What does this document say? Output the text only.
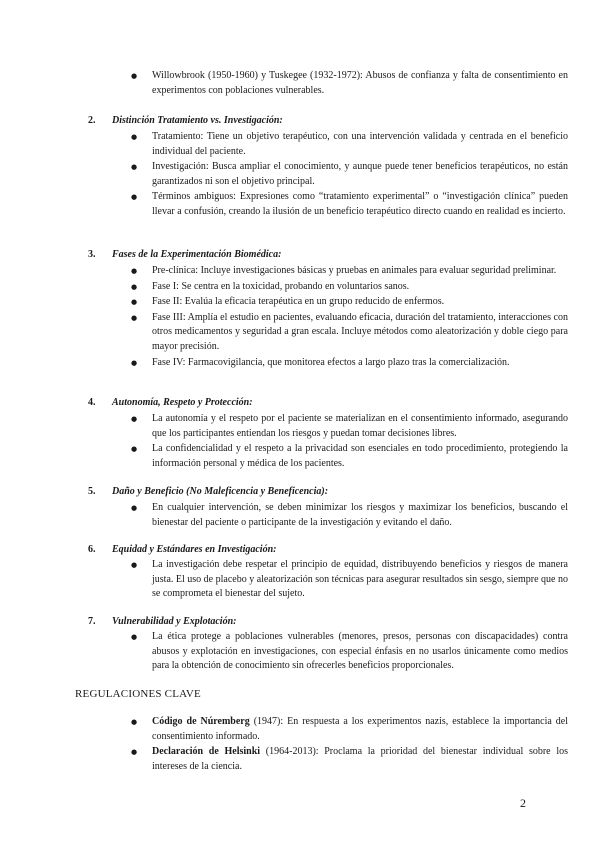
● Willowbrook (1950-1960) y Tuskegee (1932-1972): Abusos de confianza y falta de consentimiento en experimentos con poblaciones vulnerables.
2. Distinción Tratamiento vs. Investigación:
● Tratamiento: Tiene un objetivo terapéutico, con una intervención validada y centrada en el beneficio individual del paciente.
● Investigación: Busca ampliar el conocimiento, y aunque puede tener beneficios terapéuticos, no están garantizados ni son el objetivo principal.
● Términos ambiguos: Expresiones como “tratamiento experimental” o “investigación clínica” pueden llevar a confusión, creando la ilusión de un beneficio terapéutico directo cuando en realidad es incierto.
3. Fases de la Experimentación Biomédica:
● Pre-clínica: Incluye investigaciones básicas y pruebas en animales para evaluar seguridad preliminar.
● Fase I: Se centra en la toxicidad, probando en voluntarios sanos.
● Fase II: Evalúa la eficacia terapéutica en un grupo reducido de enfermos.
● Fase III: Amplía el estudio en pacientes, evaluando eficacia, duración del tratamiento, interacciones con otros medicamentos y seguridad a gran escala. Incluye métodos como aleatorización y doble ciego para mayor precisión.
● Fase IV: Farmacovigilancia, que monitorea efectos a largo plazo tras la comercialización.
4. Autonomía, Respeto y Protección:
● La autonomía y el respeto por el paciente se materializan en el consentimiento informado, asegurando que los participantes entiendan los riesgos y puedan tomar decisiones libres.
● La confidencialidad y el respeto a la privacidad son esenciales en todo procedimiento, protegiendo la información personal y médica de los pacientes.
5. Daño y Beneficio (No Maleficencia y Beneficencia):
● En cualquier intervención, se deben minimizar los riesgos y maximizar los beneficios, buscando el bienestar del paciente o participante de la investigación y evitando el daño.
6. Equidad y Estándares en Investigación:
● La investigación debe respetar el principio de equidad, distribuyendo beneficios y riesgos de manera justa. El uso de placebo y aleatorización son técnicas para asegurar resultados sin sesgo, siempre que no se comprometa el bienestar del sujeto.
7. Vulnerabilidad y Explotación:
● La ética protege a poblaciones vulnerables (menores, presos, personas con discapacidades) contra abusos y explotación en investigaciones, con especial énfasis en no usarlos únicamente como medios para la obtención de conocimiento sin ofrecerles beneficios proporcionales.
REGULACIONES CLAVE
● Código de Núremberg (1947): En respuesta a los experimentos nazis, establece la importancia del consentimiento informado.
● Declaración de Helsinki (1964-2013): Proclama la prioridad del bienestar individual sobre los intereses de la ciencia.
2
